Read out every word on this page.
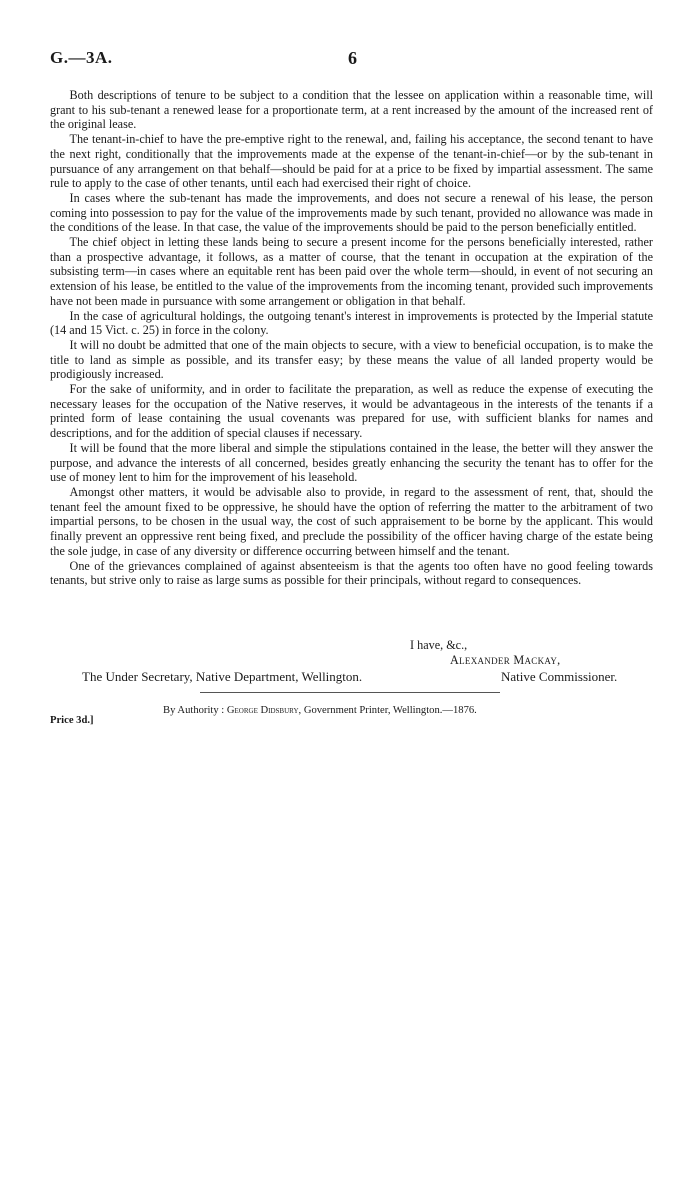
G.—3A.	6

Both descriptions of tenure to be subject to a condition that the lessee on application within a reasonable time, will grant to his sub-tenant a renewed lease for a proportionate term, at a rent increased by the amount of the increased rent of the original lease.

The tenant-in-chief to have the pre-emptive right to the renewal, and, failing his acceptance, the second tenant to have the next right, conditionally that the improvements made at the expense of the tenant-in-chief—or by the sub-tenant in pursuance of any arrangement on that behalf—should be paid for at a price to be fixed by impartial assessment. The same rule to apply to the case of other tenants, until each had exercised their right of choice.

In cases where the sub-tenant has made the improvements, and does not secure a renewal of his lease, the person coming into possession to pay for the value of the improvements made by such tenant, provided no allowance was made in the conditions of the lease. In that case, the value of the improvements should be paid to the person beneficially entitled.

The chief object in letting these lands being to secure a present income for the persons beneficially interested, rather than a prospective advantage, it follows, as a matter of course, that the tenant in occupation at the expiration of the subsisting term—in cases where an equitable rent has been paid over the whole term—should, in event of not securing an extension of his lease, be entitled to the value of the improvements from the incoming tenant, provided such improvements have not been made in pursuance with some arrangement or obligation in that behalf.

In the case of agricultural holdings, the outgoing tenant's interest in improvements is protected by the Imperial statute (14 and 15 Vict. c. 25) in force in the colony.

It will no doubt be admitted that one of the main objects to secure, with a view to beneficial occupation, is to make the title to land as simple as possible, and its transfer easy; by these means the value of all landed property would be prodigiously increased.

For the sake of uniformity, and in order to facilitate the preparation, as well as reduce the expense of executing the necessary leases for the occupation of the Native reserves, it would be advantageous in the interests of the tenants if a printed form of lease containing the usual covenants was prepared for use, with sufficient blanks for names and descriptions, and for the addition of special clauses if necessary.

It will be found that the more liberal and simple the stipulations contained in the lease, the better will they answer the purpose, and advance the interests of all concerned, besides greatly enhancing the security the tenant has to offer for the use of money lent to him for the improvement of his leasehold.

Amongst other matters, it would be advisable also to provide, in regard to the assessment of rent, that, should the tenant feel the amount fixed to be oppressive, he should have the option of referring the matter to the arbitrament of two impartial persons, to be chosen in the usual way, the cost of such appraisement to be borne by the applicant. This would finally prevent an oppressive rent being fixed, and preclude the possibility of the officer having charge of the estate being the sole judge, in case of any diversity or difference occurring between himself and the tenant.

One of the grievances complained of against absenteeism is that the agents too often have no good feeling towards tenants, but strive only to raise as large sums as possible for their principals, without regard to consequences.

I have, &c.,
Alexander Mackay,
The Under Secretary, Native Department, Wellington.	Native Commissioner.
By Authority : George Didsbury, Government Printer, Wellington.—1876.
Price 3d.]
